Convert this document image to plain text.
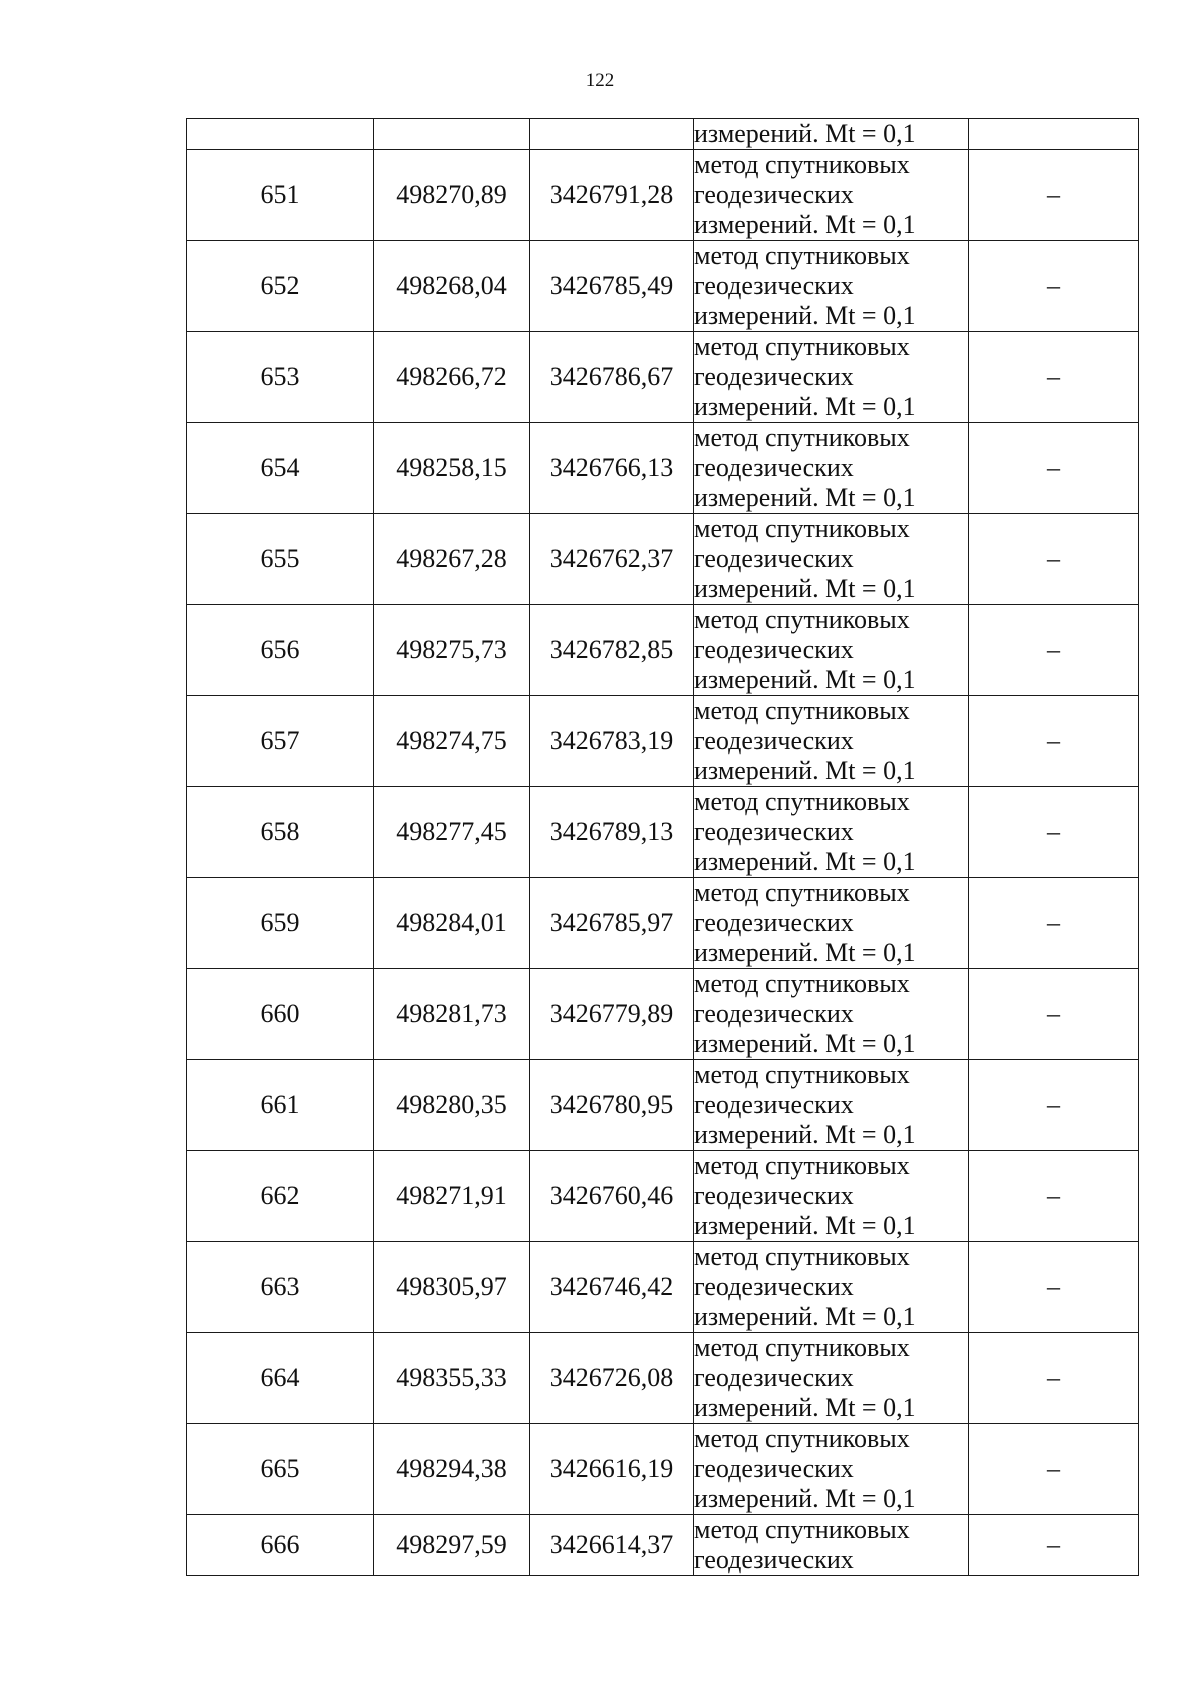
122

			измерений. Mt = 0,1	

651	498270,89	3426791,28	метод спутниковых
геодезических
измерений. Mt = 0,1	–
652	498268,04	3426785,49	метод спутниковых
геодезических
измерений. Mt = 0,1	–
653	498266,72	3426786,67	метод спутниковых
геодезических
измерений. Mt = 0,1	–
654	498258,15	3426766,13	метод спутниковых
геодезических
измерений. Mt = 0,1	–
655	498267,28	3426762,37	метод спутниковых
геодезических
измерений. Mt = 0,1	–
656	498275,73	3426782,85	метод спутниковых
геодезических
измерений. Mt = 0,1	–
657	498274,75	3426783,19	метод спутниковых
геодезических
измерений. Mt = 0,1	–
658	498277,45	3426789,13	метод спутниковых
геодезических
измерений. Mt = 0,1	–
659	498284,01	3426785,97	метод спутниковых
геодезических
измерений. Mt = 0,1	–
660	498281,73	3426779,89	метод спутниковых
геодезических
измерений. Mt = 0,1	–
661	498280,35	3426780,95	метод спутниковых
геодезических
измерений. Mt = 0,1	–
662	498271,91	3426760,46	метод спутниковых
геодезических
измерений. Mt = 0,1	–
663	498305,97	3426746,42	метод спутниковых
геодезических
измерений. Mt = 0,1	–
664	498355,33	3426726,08	метод спутниковых
геодезических
измерений. Mt = 0,1	–
665	498294,38	3426616,19	метод спутниковых
геодезических
измерений. Mt = 0,1	–
666	498297,59	3426614,37	метод спутниковых
геодезических	–
